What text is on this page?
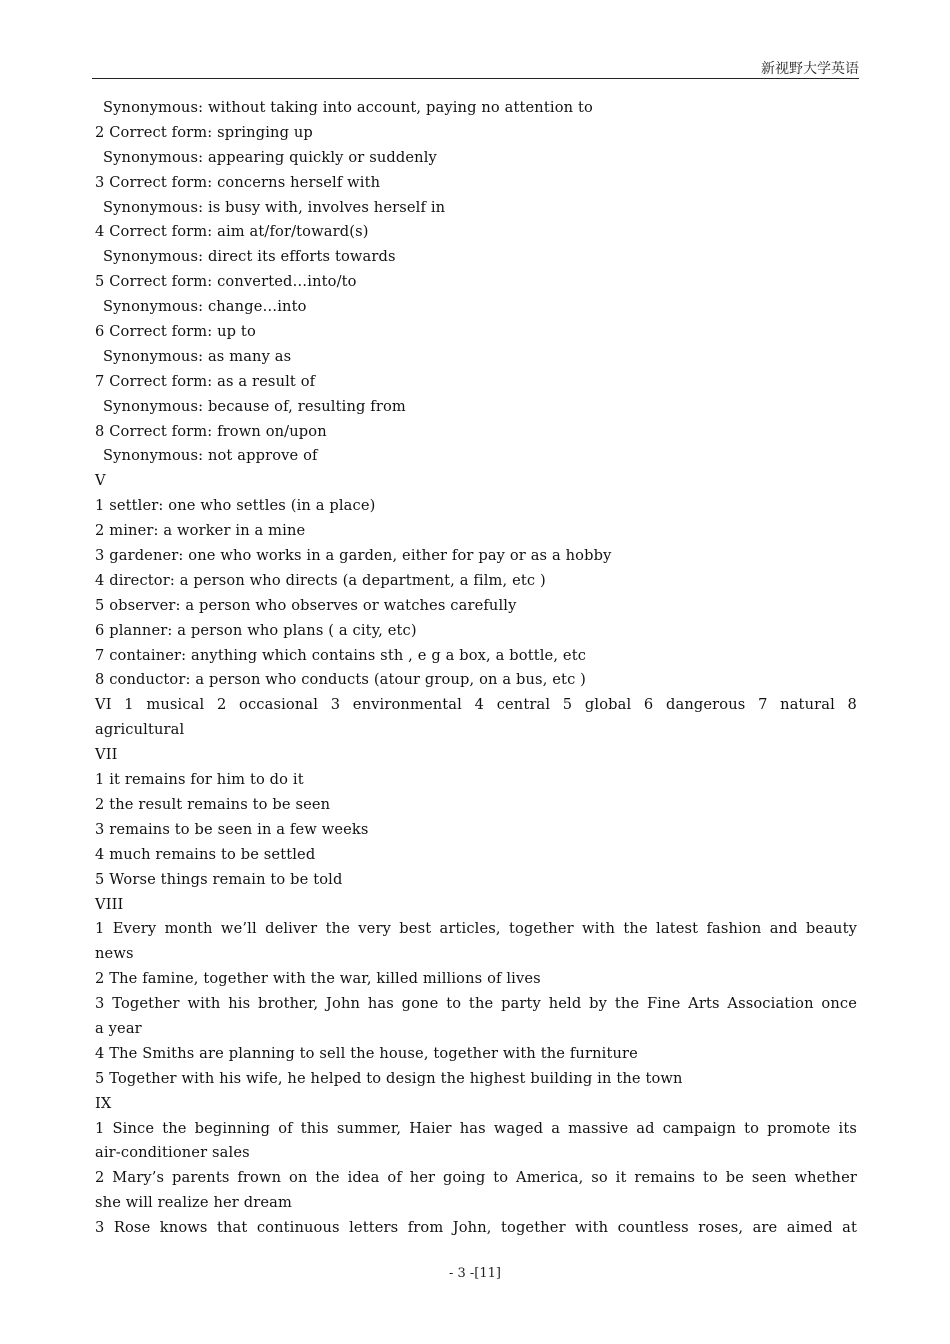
新视野大学英语
Synonymous: without taking into account, paying no attention to
2 Correct form: springing up
Synonymous: appearing quickly or suddenly
3 Correct form: concerns herself with
Synonymous: is busy with, involves herself in
4 Correct form: aim at/for/toward(s)
Synonymous: direct its efforts towards
5 Correct form: converted…into/to
Synonymous: change…into
6 Correct form: up to
Synonymous: as many as
7 Correct form: as a result of
Synonymous: because of, resulting from
8 Correct form: frown on/upon
Synonymous: not approve of
V
1 settler: one who settles (in a place)
2 miner: a worker in a mine
3 gardener: one who works in a garden, either for pay or as a hobby
4 director: a person who directs (a department, a film, etc )
5 observer: a person who observes or watches carefully
6 planner: a person who plans ( a city, etc)
7 container: anything which contains sth , e g a box, a bottle, etc
8 conductor: a person who conducts (atour group, on a bus, etc )
VI 1 musical 2 occasional 3 environmental 4 central 5 global 6 dangerous 7 natural 8
agricultural
VII
1 it remains for him to do it
2 the result remains to be seen
3 remains to be seen in a few weeks
4 much remains to be settled
5 Worse things remain to be told
VIII
1 Every month we’ll deliver the very best articles, together with the latest fashion and beauty
news
2 The famine, together with the war, killed millions of lives
3 Together with his brother, John has gone to the party held by the Fine Arts Association once
a year
4 The Smiths are planning to sell the house, together with the furniture
5 Together with his wife, he helped to design the highest building in the town
IX
1 Since the beginning of this summer, Haier has waged a massive ad campaign to promote its
air-conditioner sales
2 Mary’s parents frown on the idea of her going to America, so it remains to be seen whether
she will realize her dream
3 Rose knows that continuous letters from John, together with countless roses, are aimed at
- 3 -[11]
